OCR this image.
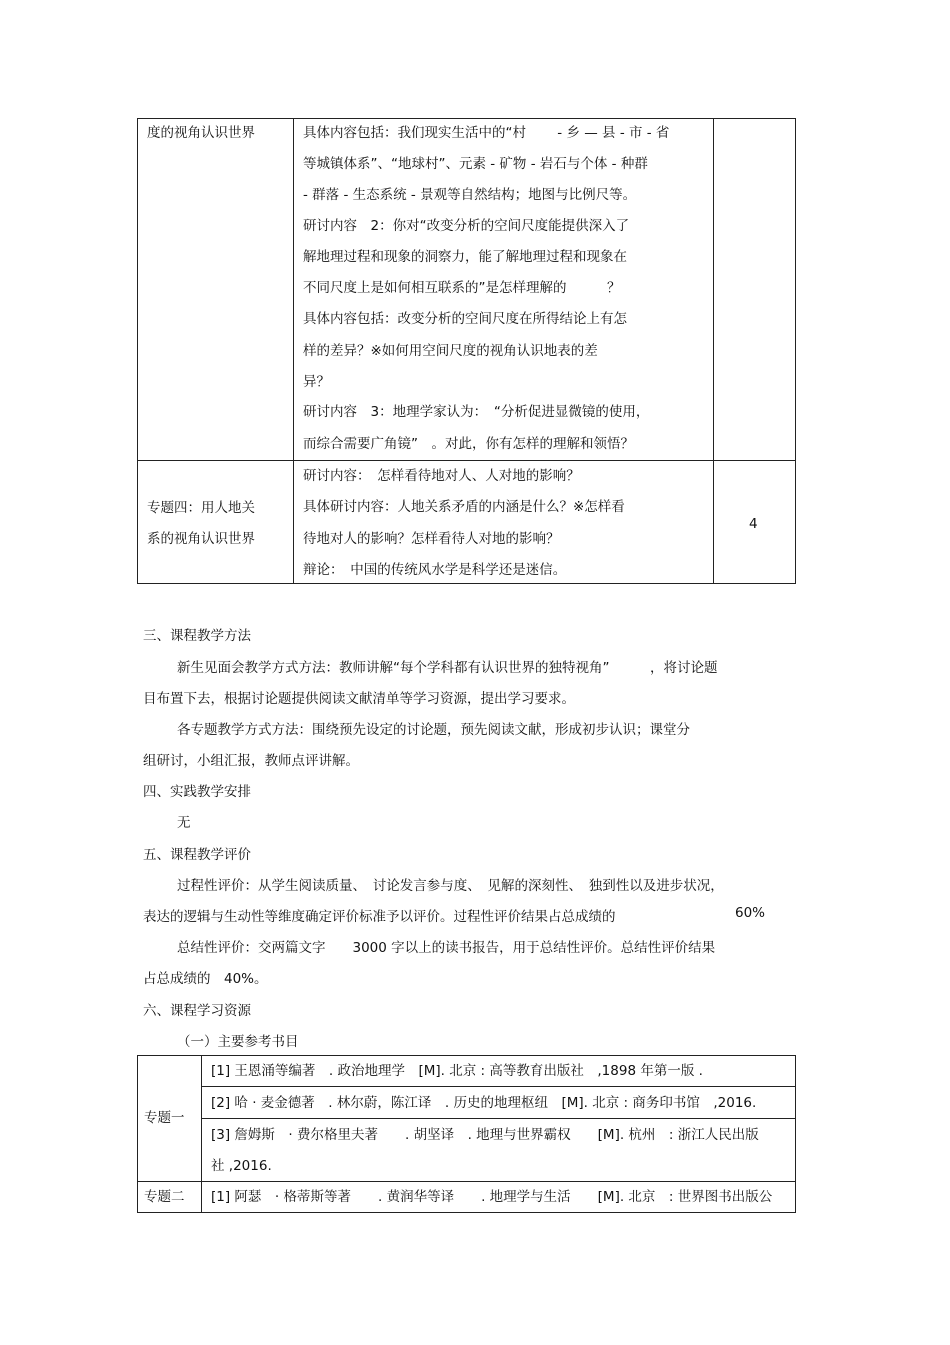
度的视角认识世界	具体内容包括：我们现实生活中的“村　　 - 乡 — 县 - 市 - 省
等城镇体系”、“地球村”、元素 - 矿物 - 岩石与个体 - 种群
- 群落 - 生态系统 - 景观等自然结构；地图与比例尺等。
研讨内容　2：你对“改变分析的空间尺度能提供深入了
解地理过程和现象的洞察力，能了解地理过程和现象在
不同尺度上是如何相互联系的”是怎样理解的　　　？
具体内容包括：改变分析的空间尺度在所得结论上有怎
样的差异？※如何用空间尺度的视角认识地表的差
异？
研讨内容　3：地理学家认为：　“分析促进显微镜的使用，
而综合需要广角镜”　。对此，你有怎样的理解和领悟？
专题四：用人地关
系的视角认识世界
研讨内容：　怎样看待地对人、人对地的影响？
具体研讨内容：人地关系矛盾的内涵是什么？※怎样看
待地对人的影响？怎样看待人对地的影响？
辩论：　中国的传统风水学是科学还是迷信。
4
三、课程教学方法
新生见面会教学方式方法：教师讲解“每个学科都有认识世界的独特视角”　　　，将讨论题
目布置下去，根据讨论题提供阅读文献清单等学习资源，提出学习要求。
各专题教学方式方法：围绕预先设定的讨论题，预先阅读文献，形成初步认识；课堂分
组研讨，小组汇报，教师点评讲解。
四、实践教学安排
无
五、课程教学评价
过程性评价：从学生阅读质量、　讨论发言参与度、　见解的深刻性、　独到性以及进步状况，
表达的逻辑与生动性等维度确定评价标准予以评价。过程性评价结果占总成绩的	60%
总结性评价：交两篇文字　　3000 字以上的读书报告，用于总结性评价。总结性评价结果
占总成绩的　40%。
六、课程学习资源
（一）主要参考书目
专题一
[1] 王恩涌等编著　. 政治地理学　[M]. 北京 : 高等教育出版社　,1898 年第一版 .
[2] 哈 · 麦金德著　. 林尔蔚，陈江译　. 历史的地理枢纽　[M]. 北京 : 商务印书馆　,2016.
[3] 詹姆斯　· 费尔格里夫著　　. 胡坚译　. 地理与世界霸权　　[M]. 杭州　: 浙江人民出版
社 ,2016.
专题二 [1] 阿瑟　· 格蒂斯等著　　. 黄润华等译　　. 地理学与生活　　[M]. 北京　: 世界图书出版公
